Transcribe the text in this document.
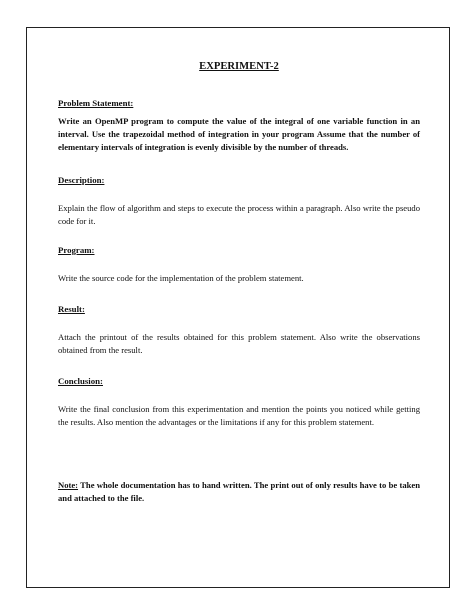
EXPERIMENT-2
Problem Statement:

Write an OpenMP program to compute the value of the integral of one variable function in an interval. Use the trapezoidal method of integration in your program Assume that the number of elementary intervals of integration is evenly divisible by the number of threads.

Description:

Explain the flow of algorithm and steps to execute the process within a paragraph. Also write the pseudo code for it.

Program:

Write the source code for the implementation of the problem statement.

Result:

Attach the printout of the results obtained for this problem statement. Also write the observations obtained from the result.

Conclusion:

Write the final conclusion from this experimentation and mention the points you noticed while getting the results. Also mention the advantages or the limitations if any for this problem statement.

Note: The whole documentation has to hand written. The print out of only results have to be taken and attached to the file.
